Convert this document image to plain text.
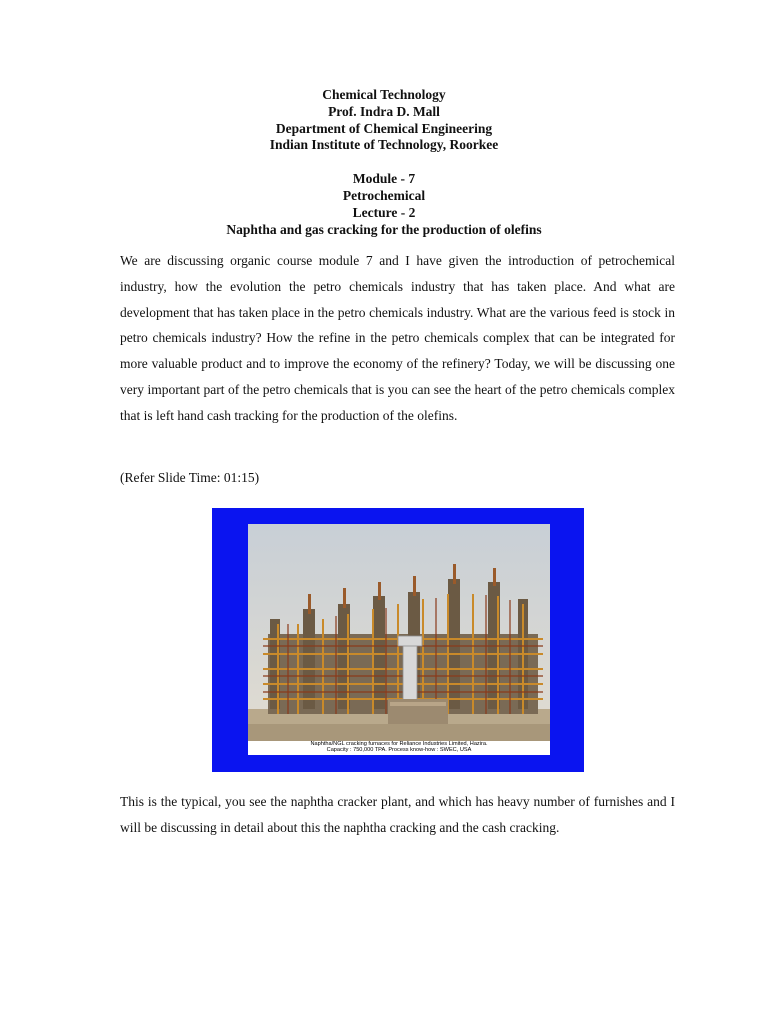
Chemical Technology
Prof. Indra D. Mall
Department of Chemical Engineering
Indian Institute of Technology, Roorkee
Module - 7
Petrochemical
Lecture - 2
Naphtha and gas cracking for the production of olefins

We are discussing organic course module 7 and I have given the introduction of petrochemical industry, how the evolution the petro chemicals industry that has taken place. And what are development that has taken place in the petro chemicals industry. What are the various feed is stock in petro chemicals industry? How the refine in the petro chemicals complex that can be integrated for more valuable product and to improve the economy of the refinery? Today, we will be discussing one very important part of the petro chemicals that is you can see the heart of the petro chemicals complex that is left hand cash tracking for the production of the olefins.

(Refer Slide Time: 01:15)

Naphtha/NGL cracking furnaces for Reliance Industries Limited, Hazira.
Capacity : 750,000 TPA. Process know-how : SWEC, USA

This is the typical, you see the naphtha cracker plant, and which has heavy number of furnishes and I will be discussing in detail about this the naphtha cracking and the cash cracking.
